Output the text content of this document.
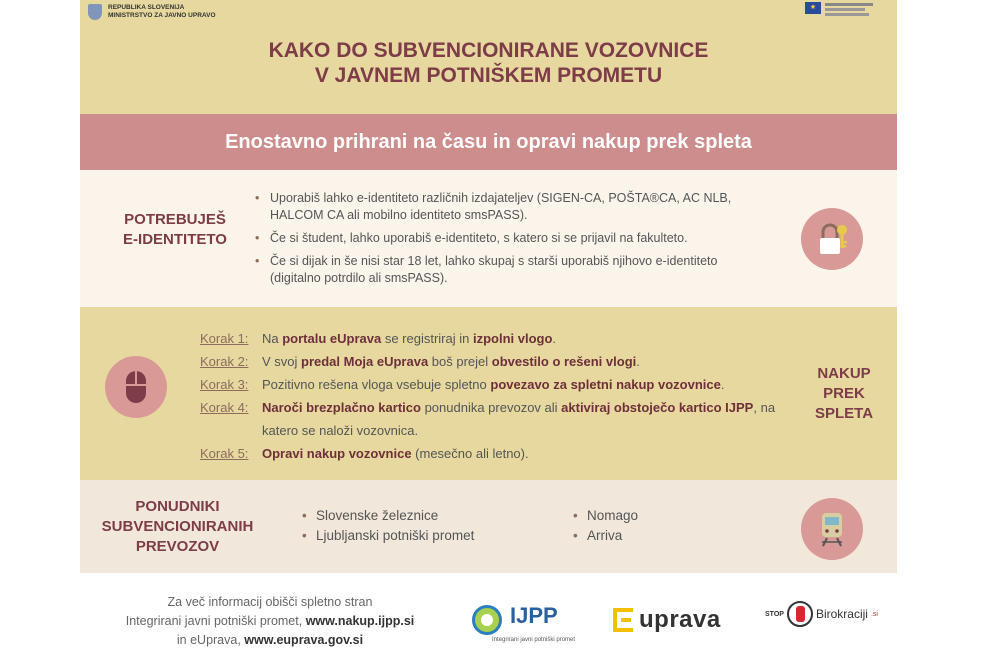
REPUBLIKA SLOVENIJA
MINISTRSTVO ZA JAVNO UPRAVO
★
KAKO DO SUBVENCIONIRANE VOZOVNICE
V JAVNEM POTNIŠKEM PROMETU
Enostavno prihrani na času in opravi nakup prek spleta
POTREBUJEŠ
E-IDENTITETO
• Uporabiš lahko e-identiteto različnih izdajateljev (SIGEN-CA, POŠTA®CA, AC NLB, HALCOM CA ali mobilno identiteto smsPASS).
• Če si študent, lahko uporabiš e-identiteto, s katero si se prijavil na fakulteto.
• Če si dijak in še nisi star 18 let, lahko skupaj s starši uporabiš njihovo e-identiteto (digitalno potrdilo ali smsPASS).
Korak 1:	Na portalu eUprava se registriraj in izpolni vlogo.
Korak 2:	V svoj predal Moja eUprava boš prejel obvestilo o rešeni vlogi.
Korak 3:	Pozitivno rešena vloga vsebuje spletno povezavo za spletni nakup vozovnice.
Korak 4:	Naroči brezplačno kartico ponudnika prevozov ali aktiviraj obstoječo kartico IJPP, na katero se naloži vozovnica.
Korak 5:	Opravi nakup vozovnice (mesečno ali letno).
NAKUP
PREK
SPLETA
PONUDNIKI
SUBVENCIONIRANIH
PREVOZOV
• Slovenske železnice
• Ljubljanski potniški promet
• Nomago
• Arriva
Za več informacij obišči spletno stran
Integrirani javni potniški promet, www.nakup.ijpp.si
in eUprava, www.euprava.gov.si
IJPP
Integrirani javni potniški promet
uprava	STOP	Birokraciji .si
